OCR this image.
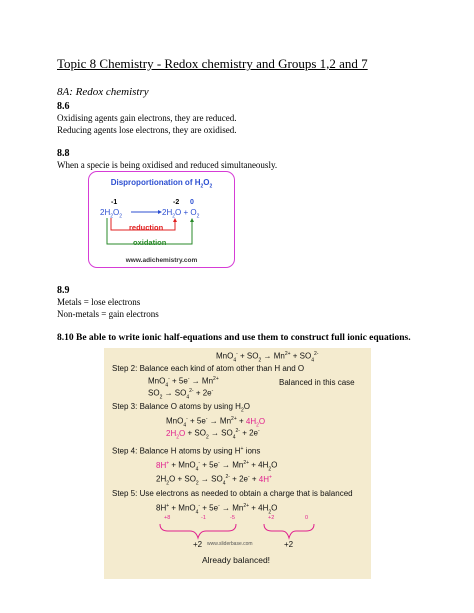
Topic 8 Chemistry - Redox chemistry and Groups 1,2 and 7
8A: Redox chemistry
8.6
Oxidising agents gain electrons, they are reduced.
Reducing agents lose electrons, they are oxidised.
8.8
When a specie is being oxidised and reduced simultaneously.
Disproportionation of $H_2O_2$
-1	-2 0
$2H_2O_2$	$2H_2O + O_2$
reduction
oxidation
www.adichemistry.com
8.9
Metals = lose electrons
Non-metals = gain electrons
8.10 Be able to write ionic half-equations and use them to construct full ionic equations.
$MnO_4^- + SO_2 \to Mn^{2+} + SO_4^{2-}$
Step 2: Balance each kind of atom other than H and O
$MnO_4^- + 5e^- \to Mn^{2+}$	Balanced in this case
$SO_2 \to SO_4^{2-} + 2e^-$
Step 3: Balance O atoms by using $H_2O$
$MnO_4^- + 5e^- \to Mn^{2+} + 4H_2O$
$2H_2O + SO_2 \to SO_4^{2-} + 2e^-$
Step 4: Balance H atoms by using H+ ions
$8H^+ + MnO_4^- + 5e^- \to Mn^{2+} + 4H_2O$
$2H_2O + SO_2 \to SO_4^{2-} + 2e^- + 4H^+$
Step 5: Use electrons as needed to obtain a charge that is balanced
$8H^+ + MnO_4^- + 5e^- \to Mn^{2+} + 4H_2O$
+8	-1	-5	+2	0
+2	+2
www.sliderbase.com
Already balanced!
